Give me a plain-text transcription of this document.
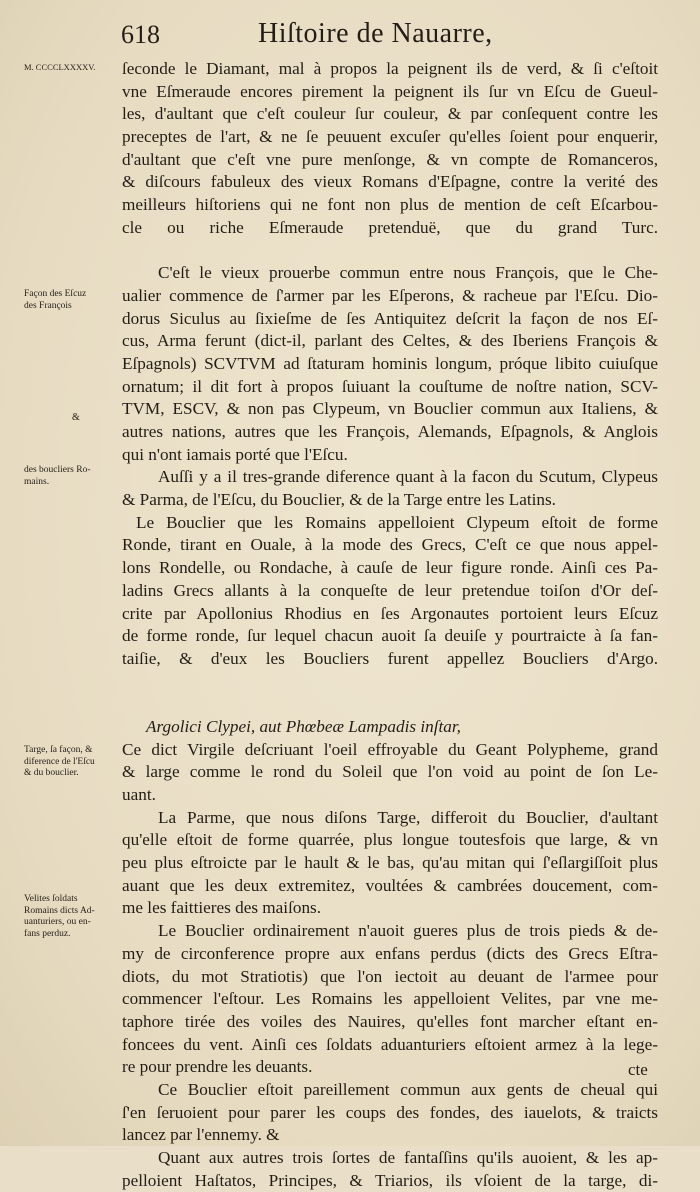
618	Hiſtoire de Nauarre,
M. CCCCLXXXXV.
Façon des Eſcuz
des François
&
des boucliers Ro-
mains.
Targe, ſa façon, &
diference de l'Eſcu
& du bouclier.
Velites ſoldats
Romains dicts Ad-
uanturiers, ou en-
fans perduz.
ſeconde le Diamant, mal à propos la peignent ils de verd, & ſi c'eſtoit
vne Eſmeraude encores pirement la peignent ils ſur vn Eſcu de Gueul-
les, d'aultant que c'eſt couleur ſur couleur, & par conſequent contre les
preceptes de l'art, & ne ſe peuuent excuſer qu'elles ſoient pour enquerir,
d'aultant que c'eſt vne pure menſonge, & vn compte de Romanceros,
& diſcours fabuleux des vieux Romans d'Eſpagne, contre la verité des
meilleurs hiſtoriens qui ne font non plus de mention de ceſt Eſcarbou-
cle ou riche Eſmeraude pretenduë, que du grand Turc.
C'eſt le vieux prouerbe commun entre nous François, que le Che-
ualier commence de ſ'armer par les Eſperons, & racheue par l'Eſcu. Dio-
dorus Siculus au ſixieſme de ſes Antiquitez deſcrit la façon de nos Eſ-
cus, Arma ferunt (dict-il, parlant des Celtes, & des Iberiens François &
Eſpagnols) SCVTVM ad ſtaturam hominis longum, próque libito cuiuſque
ornatum; il dit fort à propos ſuiuant la couſtume de noſtre nation, SCV-
TVM, ESCV, & non pas Clypeum, vn Bouclier commun aux Italiens, &
autres nations, autres que les François, Alemands, Eſpagnols, & Anglois
qui n'ont iamais porté que l'Eſcu.
Auſſi y a il tres-grande diference quant à la facon du Scutum, Clypeus
& Parma, de l'Eſcu, du Bouclier, & de la Targe entre les Latins.
Le Bouclier que les Romains appelloient Clypeum eſtoit de forme
Ronde, tirant en Ouale, à la mode des Grecs, C'eſt ce que nous appel-
lons Rondelle, ou Rondache, à cauſe de leur figure ronde. Ainſi ces Pa-
ladins Grecs allants à la conqueſte de leur pretendue toiſon d'Or deſ-
crite par Apollonius Rhodius en ſes Argonautes portoient leurs Eſcuz
de forme ronde, ſur lequel chacun auoit ſa deuiſe y pourtraicte à ſa fan-
taiſie, & d'eux les Boucliers furent appellez Boucliers d'Argo.
Argolici Clypei, aut Phœbeæ Lampadis inſtar,
Ce dict Virgile deſcriuant l'oeil effroyable du Geant Polypheme, grand
& large comme le rond du Soleil que l'on void au point de ſon Le-
uant.
La Parme, que nous diſons Targe, differoit du Bouclier, d'aultant
qu'elle eſtoit de forme quarrée, plus longue toutesfois que large, & vn
peu plus eſtroicte par le hault & le bas, qu'au mitan qui ſ'eſlargiſſoit plus
auant que les deux extremitez, voultées & cambrées doucement, com-
me les faittieres des maiſons.
Le Bouclier ordinairement n'auoit gueres plus de trois pieds & de-
my de circonference propre aux enfans perdus (dicts des Grecs Eſtra-
diots, du mot Stratiotis) que l'on iectoit au deuant de l'armee pour
commencer l'eſtour. Les Romains les appelloient Velites, par vne me-
taphore tirée des voiles des Nauires, qu'elles font marcher eſtant en-
foncees du vent. Ainſi ces ſoldats aduanturiers eſtoient armez à la lege-
re pour prendre les deuants.
Ce Bouclier eſtoit pareillement commun aux gents de cheual qui
ſ'en ſeruoient pour parer les coups des fondes, des iauelots, & traicts
lancez par l'ennemy. &
Quant aux autres trois ſortes de fantaſſins qu'ils auoient, & les ap-
pelloient Haſtatos, Principes, & Triarios, ils vſoient de la targe, di-
cte
